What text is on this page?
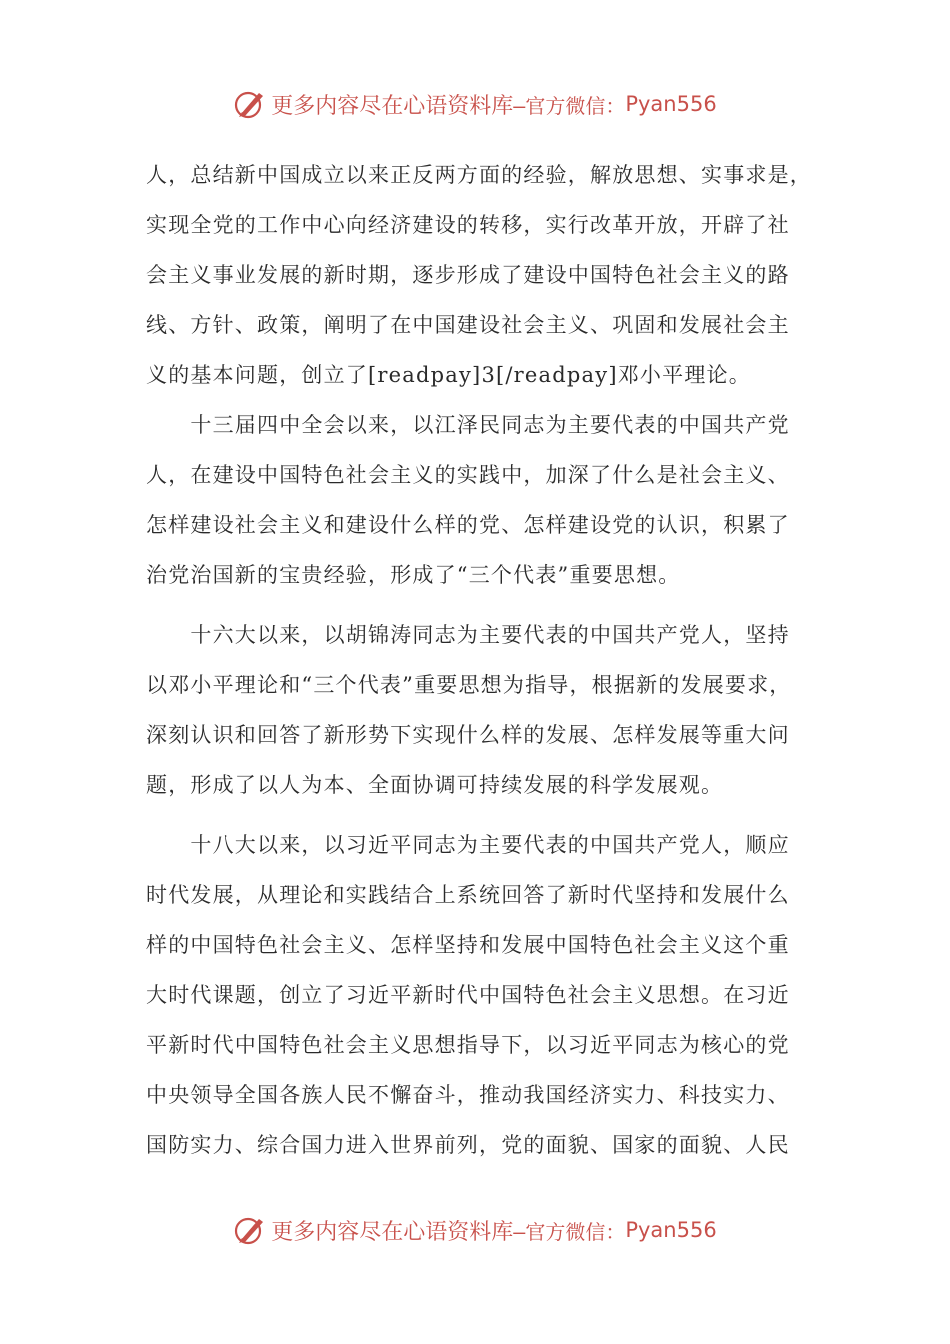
更多内容尽在心语资料库 —官方微信： Pyan556

人，总结新中国成立以来正反两方面的经验，解放思想、实事求是，
实现全党的工作中心向经济建设的转移，实行改革开放，开辟了社
会主义事业发展的新时期，逐步形成了建设中国特色社会主义的路
线、方针、政策，阐明了在中国建设社会主义、巩固和发展社会主
义的基本问题，创立了[readpay]3[/readpay]邓小平理论。

　　十三届四中全会以来，以江泽民同志为主要代表的中国共产党
人，在建设中国特色社会主义的实践中，加深了什么是社会主义、
怎样建设社会主义和建设什么样的党、怎样建设党的认识，积累了
治党治国新的宝贵经验，形成了“三个代表”重要思想。

　　十六大以来，以胡锦涛同志为主要代表的中国共产党人，坚持
以邓小平理论和“三个代表”重要思想为指导，根据新的发展要求，
深刻认识和回答了新形势下实现什么样的发展、怎样发展等重大问
题，形成了以人为本、全面协调可持续发展的科学发展观。

　　十八大以来，以习近平同志为主要代表的中国共产党人，顺应
时代发展，从理论和实践结合上系统回答了新时代坚持和发展什么
样的中国特色社会主义、怎样坚持和发展中国特色社会主义这个重
大时代课题，创立了习近平新时代中国特色社会主义思想。在习近
平新时代中国特色社会主义思想指导下，以习近平同志为核心的党
中央领导全国各族人民不懈奋斗，推动我国经济实力、科技实力、
国防实力、综合国力进入世界前列，党的面貌、国家的面貌、人民

更多内容尽在心语资料库 —官方微信： Pyan556
